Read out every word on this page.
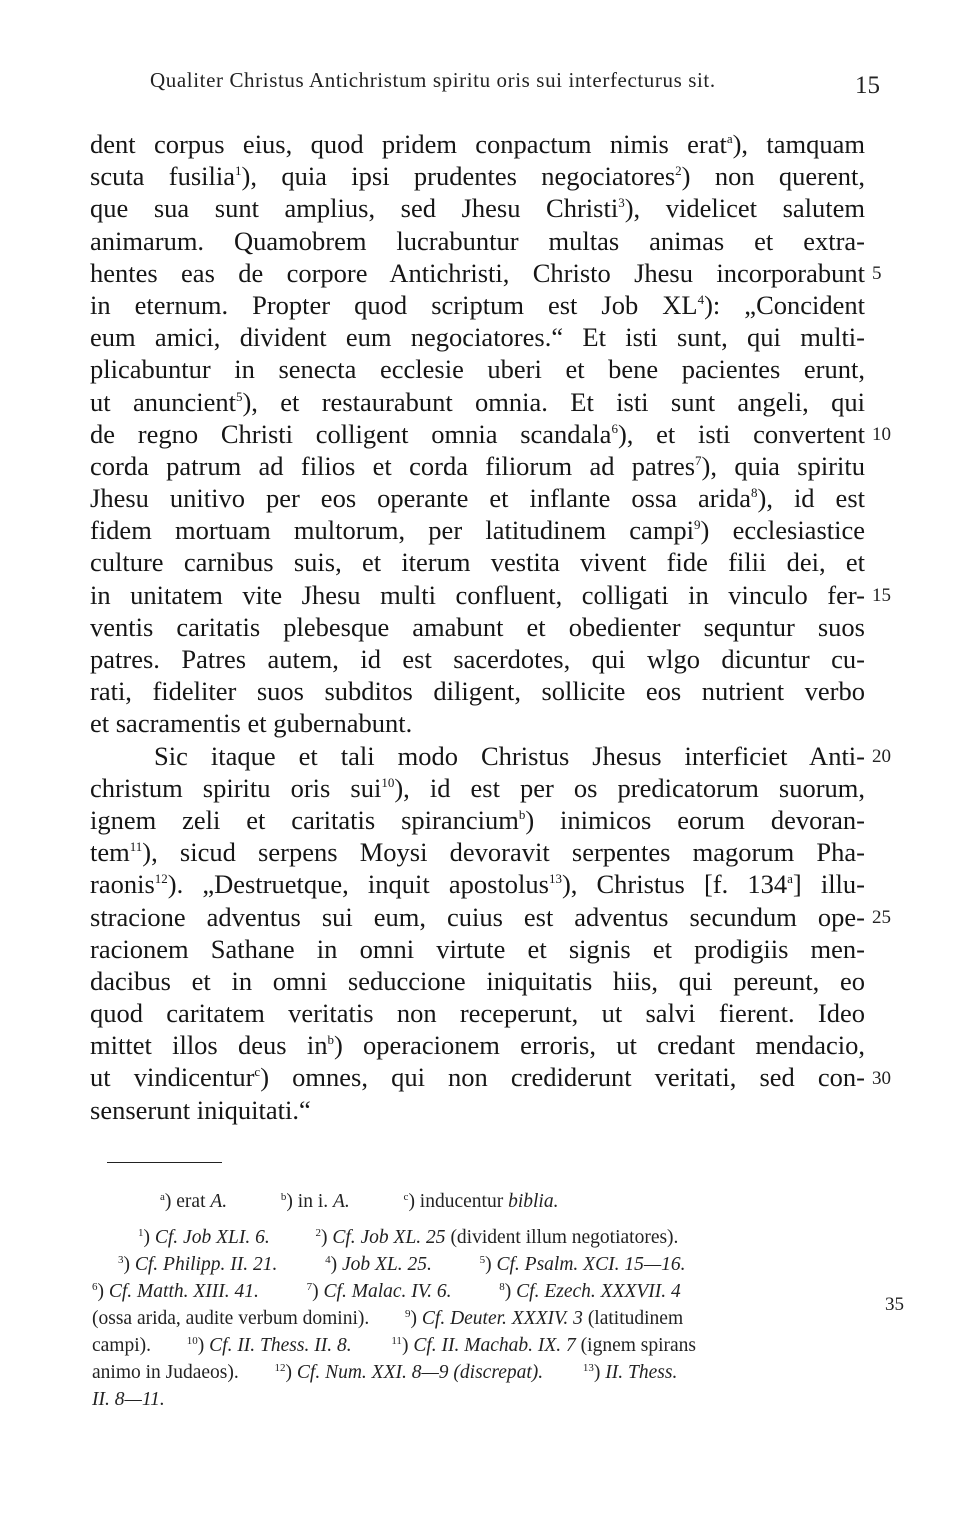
Qualiter Christus Antichristum spiritu oris sui interfecturus sit.	15
dent corpus eius, quod pridem conpactum nimis erat$^a$), tamquam
scuta fusilia$^1$), quia ipsi prudentes negociatores$^2$) non querent,
que sua sunt amplius, sed Jhesu Christi$^3$), videlicet salutem
animarum. Quamobrem lucrabuntur multas animas et extra-
hentes eas de corpore Antichristi, Christo Jhesu incorporabunt
in eternum. Propter quod scriptum est Job $XL^4$): „Concident
eum amici, divident eum negociatores.“ Et isti sunt, qui multi-
plicabuntur in senecta ecclesie uberi et bene pacientes erunt,
ut anuncient$^5$), et restaurabunt omnia. Et isti sunt angeli, qui
de regno Christi colligent omnia scandala$^6$), et isti convertent
corda patrum ad filios et corda filiorum ad patres$^7$), quia spiritu
Jhesu unitivo per eos operante et inflante ossa arida$^8$), id est
fidem mortuam multorum, per latitudinem campi$^9$) ecclesiastice
culture carnibus suis, et iterum vestita vivent fide filii dei, et
in unitatem vite Jhesu multi confluent, colligati in vinculo fer-
ventis caritatis plebesque amabunt et obedienter sequntur suos
patres. Patres autem, id est sacerdotes, qui wlgo dicuntur cu-
rati, fideliter suos subditos diligent, sollicite eos nutrient verbo
et sacramentis et gubernabunt.
Sic itaque et tali modo Christus Jhesus interficiet Anti-
christum spiritu oris sui$^{10}$), id est per os predicatorum suorum,
ignem zeli et caritatis spirancium$^b$) inimicos eorum devoran-
tem$^{11}$), sicud serpens Moysi devoravit serpentes magorum Pha-
raonis$^{12}$). „Destruetque, inquit apostolus$^{13}$), Christus [f. 134$^a$] illu-
stracione adventus sui eum, cuius est adventus secundum ope-
racionem Sathane in omni virtute et signis et prodigiis men-
dacibus et in omni seduccione iniquitatis hiis, qui pereunt, eo
quod caritatem veritatis non receperunt, ut salvi fierent. Ideo
mittet illos deus $in^b$) operacionem erroris, ut credant mendacio,
ut vindicentur$^c$) omnes, qui non crediderunt veritati, sed con-
senserunt iniquitati.“
5
10
15
20
25
30
$^a$) erat A.	$^b$) in i. A.	$^c$) inducentur biblia.
$^1$) Cf. Job XLI. 6.	$^2$) Cf. Job XL. 25 (divident illum negotiatores).
$^3$) Cf. Philipp. II. 21.	$^4$) Job XL. 25.	$^5$) Cf. Psalm. XCI. 15—16.
$^6$) Cf. Matth. XIII. 41.	$^7$) Cf. Malac. IV. 6.	$^8$) Cf. Ezech. XXXVII. 4
(ossa arida, audite verbum domini).	$^9$) Cf. Deuter. XXXIV. 3 (latitudinem
campi).	$^{10}$) Cf. II. Thess. II. 8.	$^{11}$) Cf. II. Machab. IX. 7 (ignem spirans
animo in Judaeos).	$^{12}$) Cf. Num. XXI. 8—9 (discrepat).	$^{13}$) II. Thess.
II. 8—11.
35
